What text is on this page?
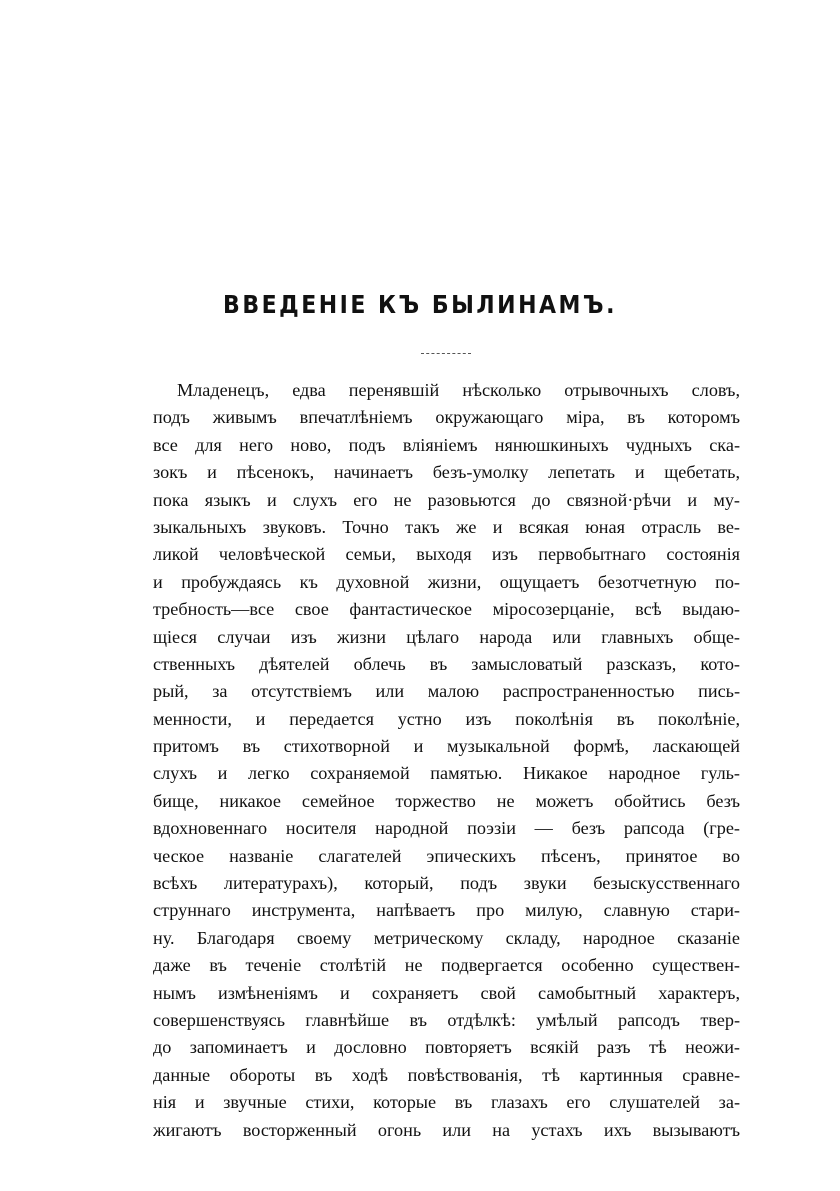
ВВЕДЕНIЕ КЪ БЫЛИНАМЪ.
Младенецъ, едва перенявшiй нѣсколько отрывочныхъ словъ,
подъ живымъ впечатлѣнiемъ окружающаго мiра, въ которомъ
все для него ново, подъ влiянiемъ нянюшкиныхъ чудныхъ ска-
зокъ и пѣсенокъ, начинаетъ безъ-умолку лепетать и щебетать,
пока языкъ и слухъ его не разовьются до связной·рѣчи и му-
зыкальныхъ звуковъ. Точно такъ же и всякая юная отрасль ве-
ликой человѣческой семьи, выходя изъ первобытнаго состоянiя
и пробуждаясь къ духовной жизни, ощущаетъ безотчетную по-
требность—все свое фантастическое мiросозерцанiе, всѣ выдаю-
щiеся случаи изъ жизни цѣлаго народа или главныхъ обще-
ственныхъ дѣятелей облечь въ замысловатый разсказъ, кото-
рый, за отсутствiемъ или малою распространенностью пись-
менности, и передается устно изъ поколѣнiя въ поколѣнiе,
притомъ въ стихотворной и музыкальной формѣ, ласкающей
слухъ и легко сохраняемой памятью. Никакое народное гуль-
бище, никакое семейное торжество не можетъ обойтись безъ
вдохновеннаго носителя народной поэзiи — безъ рапсода (гре-
ческое названiе слагателей эпическихъ пѣсенъ, принятое во
всѣхъ литературахъ), который, подъ звуки безыскусственнаго
струннаго инструмента, напѣваетъ про милую, славную стари-
ну. Благодаря своему метрическому складу, народное сказанiе
даже въ теченiе столѣтiй не подвергается особенно существен-
нымъ измѣненiямъ и сохраняетъ свой самобытный характеръ,
совершенствуясь главнѣйше въ отдѣлкѣ: умѣлый рапсодъ твер-
до запоминаетъ и дословно повторяетъ всякiй разъ тѣ неожи-
данные обороты въ ходѣ повѣствованiя, тѣ картинныя сравне-
нiя и звучные стихи, которые въ глазахъ его слушателей за-
жигаютъ восторженный огонь или на устахъ ихъ вызываютъ
